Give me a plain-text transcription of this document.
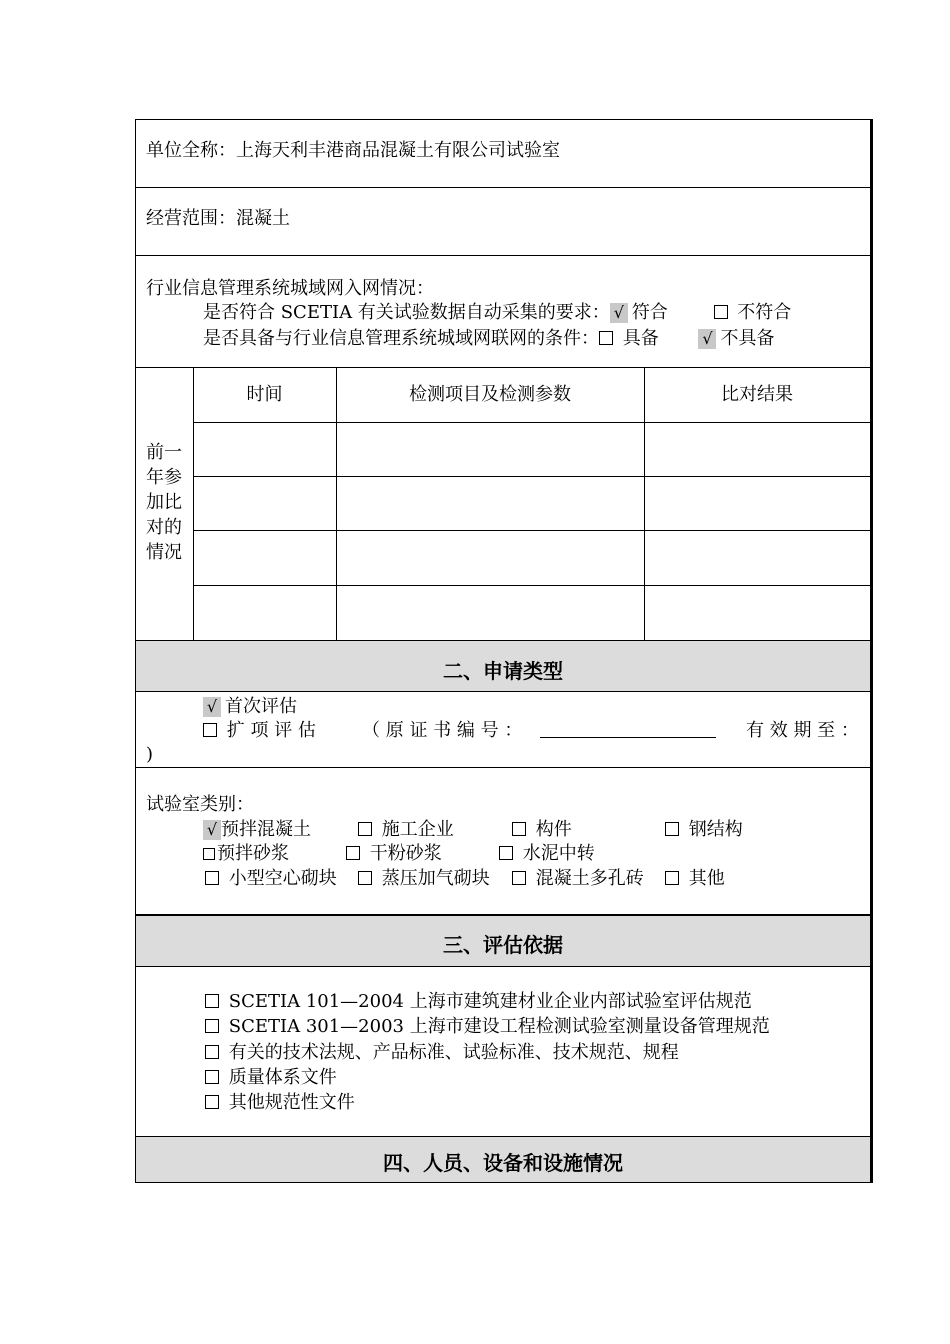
单位全称：上海天利丰港商品混凝土有限公司试验室
经营范围：混凝土
行业信息管理系统城域网入网情况：
是否符合 SCETIA 有关试验数据自动采集的要求： √ 符合	不符合
是否具备与行业信息管理系统城域网联网的条件： 具备	√ 不具备
前一
年参
加比
对的
情况
时间	检测项目及检测参数	比对结果
二、申请类型
√ 首次评估
扩 项 评 估	（ 原 证 书 编 号 ：	有 效 期 至 ：
)
试验室类别：
√ 预拌混凝土	施工企业	构件	钢结构
预拌砂浆	干粉砂浆	水泥中转
小型空心砌块	蒸压加气砌块	混凝土多孔砖	其他
三、评估依据
SCETIA 101—2004 上海市建筑建材业企业内部试验室评估规范
SCETIA 301—2003 上海市建设工程检测试验室测量设备管理规范
有关的技术法规、产品标准、试验标准、技术规范、规程
质量体系文件
其他规范性文件
四、人员、设备和设施情况
